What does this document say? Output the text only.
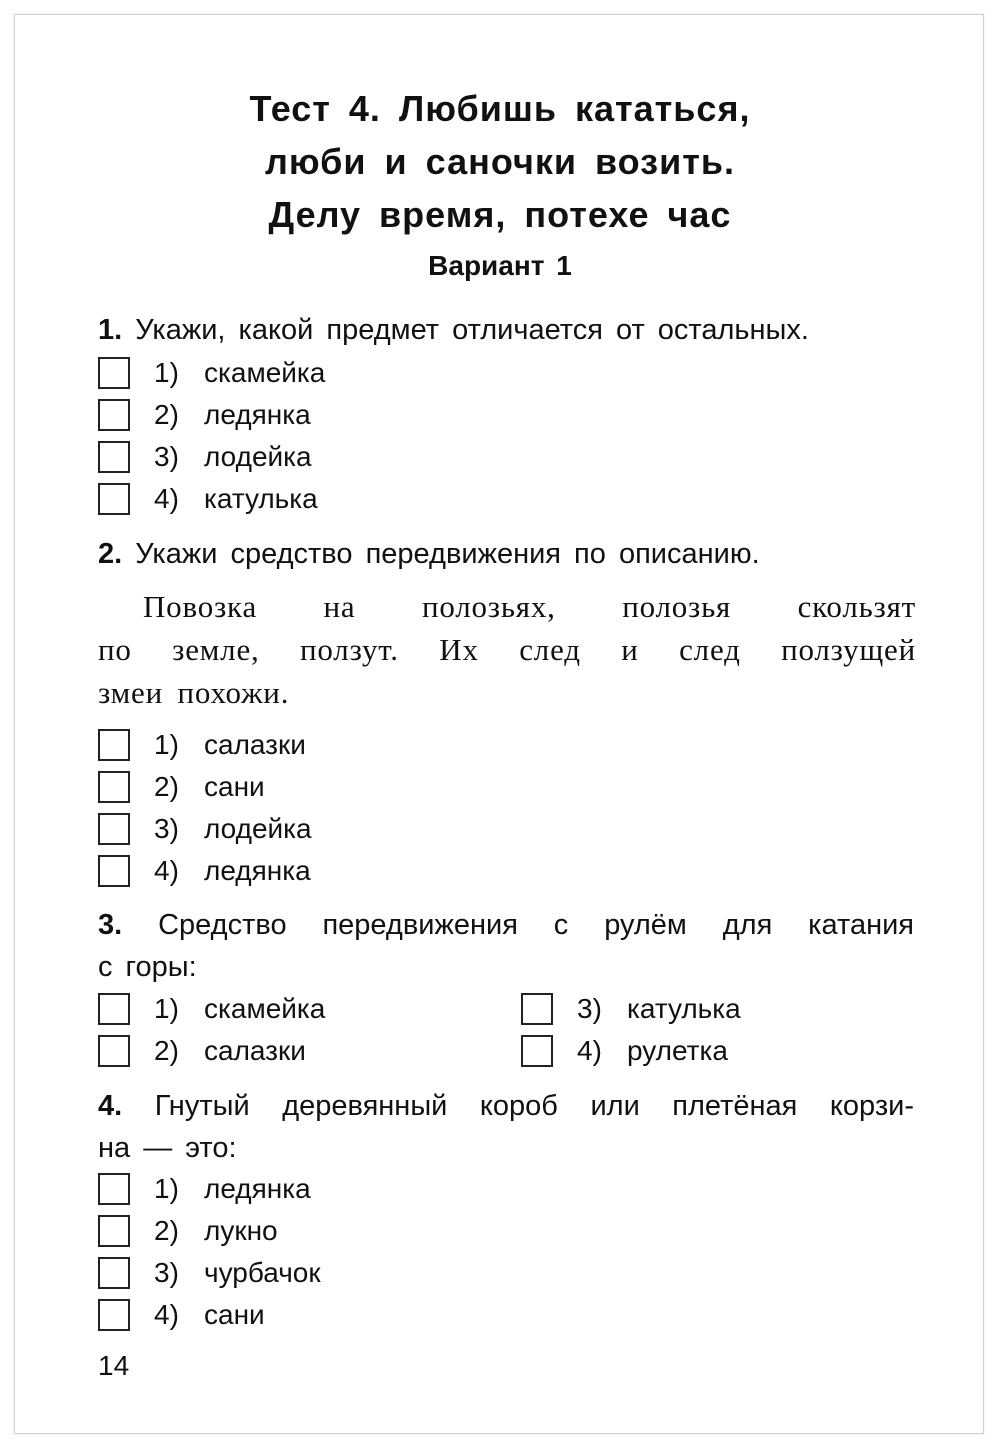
Тест 4. Любишь кататься,
люби и саночки возить.
Делу время, потехе час
Вариант 1
1. Укажи, какой предмет отличается от остальных.
1) скамейка
2) ледянка
3) лодейка
4) катулька
2. Укажи средство передвижения по описанию.
Повозка на полозьях, полозья скользят
по земле, ползут. Их след и след ползущей
змеи похожи.
1) салазки
2) сани
3) лодейка
4) ледянка
3. Средство передвижения с рулём для катания
с горы:
1) скамейка
2) салазки
3) катулька
4) рулетка
4. Гнутый деревянный короб или плетёная корзи-
на — это:
1) ледянка
2) лукно
3) чурбачок
4) сани
14
